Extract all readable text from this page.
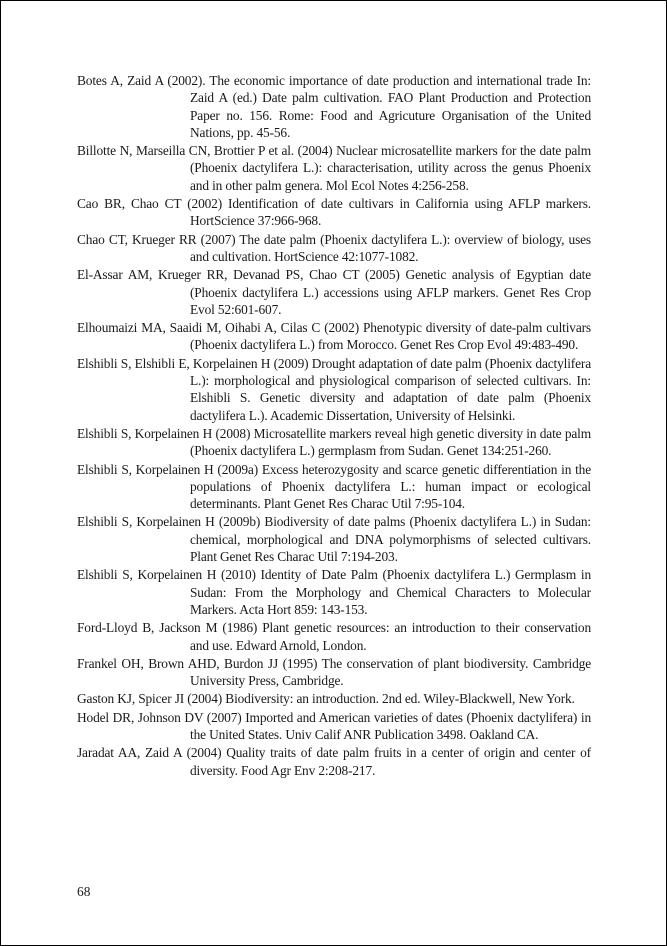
Botes A, Zaid A (2002). The economic importance of date production and international trade In: Zaid A (ed.) Date palm cultivation. FAO Plant Production and Protection Paper no. 156. Rome: Food and Agricuture Organisation of the United Nations, pp. 45-56.

Billotte N, Marseilla CN, Brottier P et al. (2004) Nuclear microsatellite markers for the date palm (Phoenix dactylifera L.): characterisation, utility across the genus Phoenix and in other palm genera. Mol Ecol Notes 4:256-258.

Cao BR, Chao CT (2002) Identification of date cultivars in California using AFLP markers. HortScience 37:966-968.

Chao CT, Krueger RR (2007) The date palm (Phoenix dactylifera L.): overview of biology, uses and cultivation. HortScience 42:1077-1082.

El-Assar AM, Krueger RR, Devanad PS, Chao CT (2005) Genetic analysis of Egyptian date (Phoenix dactylifera L.) accessions using AFLP markers. Genet Res Crop Evol 52:601-607.

Elhoumaizi MA, Saaidi M, Oihabi A, Cilas C (2002) Phenotypic diversity of date-palm cultivars (Phoenix dactylifera L.) from Morocco. Genet Res Crop Evol 49:483-490.

Elshibli S, Elshibli E, Korpelainen H (2009) Drought adaptation of date palm (Phoenix dactylifera L.): morphological and physiological comparison of selected cultivars. In: Elshibli S. Genetic diversity and adaptation of date palm (Phoenix dactylifera L.). Academic Dissertation, University of Helsinki.

Elshibli S, Korpelainen H (2008) Microsatellite markers reveal high genetic diversity in date palm (Phoenix dactylifera L.) germplasm from Sudan. Genet 134:251-260.

Elshibli S, Korpelainen H (2009a) Excess heterozygosity and scarce genetic differentiation in the populations of Phoenix dactylifera L.: human impact or ecological determinants. Plant Genet Res Charac Util 7:95-104.

Elshibli S, Korpelainen H (2009b) Biodiversity of date palms (Phoenix dactylifera L.) in Sudan: chemical, morphological and DNA polymorphisms of selected cultivars. Plant Genet Res Charac Util 7:194-203.

Elshibli S, Korpelainen H (2010) Identity of Date Palm (Phoenix dactylifera L.) Germplasm in Sudan: From the Morphology and Chemical Characters to Molecular Markers. Acta Hort 859: 143-153.

Ford-Lloyd B, Jackson M (1986) Plant genetic resources: an introduction to their conservation and use. Edward Arnold, London.

Frankel OH, Brown AHD, Burdon JJ (1995) The conservation of plant biodiversity. Cambridge University Press, Cambridge.

Gaston KJ, Spicer JI (2004) Biodiversity: an introduction. 2nd ed. Wiley-Blackwell, New York.

Hodel DR, Johnson DV (2007) Imported and American varieties of dates (Phoenix dactylifera) in the United States. Univ Calif ANR Publication 3498. Oakland CA.

Jaradat AA, Zaid A (2004) Quality traits of date palm fruits in a center of origin and center of diversity. Food Agr Env 2:208-217.

68
